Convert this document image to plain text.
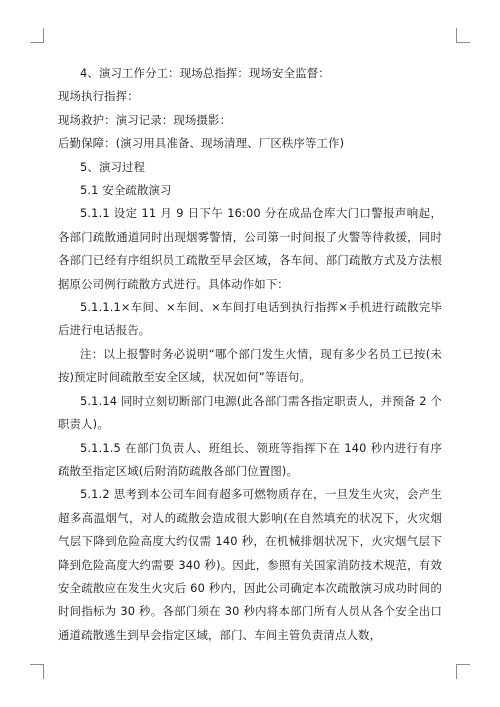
4、演习工作分工：现场总指挥：现场安全监督：

现场执行指挥：

现场救护：演习记录：现场摄影：

后勤保障：(演习用具准备、现场清理、厂区秩序等工作)

5、演习过程

5.1 安全疏散演习

5.1.1 设定 11 月 9 日下午 16:00 分在成品仓库大门口警报声响起，各部门疏散通道同时出现烟雾警情，公司第一时间报了火警等待救援，同时各部门已经有序组织员工疏散至早会区域，各车间、部门疏散方式及方法根据原公司例行疏散方式进行。具体动作如下：

5.1.1.1×车间、×车间、×车间打电话到执行指挥×手机进行疏散完毕后进行电话报告。

注：以上报警时务必说明“哪个部门发生火情，现有多少名员工已按(未按)预定时间疏散至安全区域，状况如何”等语句。

5.1.14 同时立刻切断部门电源(此各部门需各指定职责人，并预备 2 个职责人)。

5.1.1.5 在部门负责人、班组长、领班等指挥下在 140 秒内进行有序疏散至指定区域(后附消防疏散各部门位置图)。

5.1.2 思考到本公司车间有超多可燃物质存在，一旦发生火灾，会产生超多高温烟气，对人的疏散会造成很大影响(在自然填充的状况下，火灾烟气层下降到危险高度大约仅需 140 秒，在机械排烟状况下，火灾烟气层下降到危险高度大约需要 340 秒)。因此，参照有关国家消防技术规范，有效安全疏散应在发生火灾后 60 秒内，因此公司确定本次疏散演习成功时间的时间指标为 30 秒。各部门须在 30 秒内将本部门所有人员从各个安全出口通道疏散逃生到早会指定区域，部门、车间主管负责清点人数，
